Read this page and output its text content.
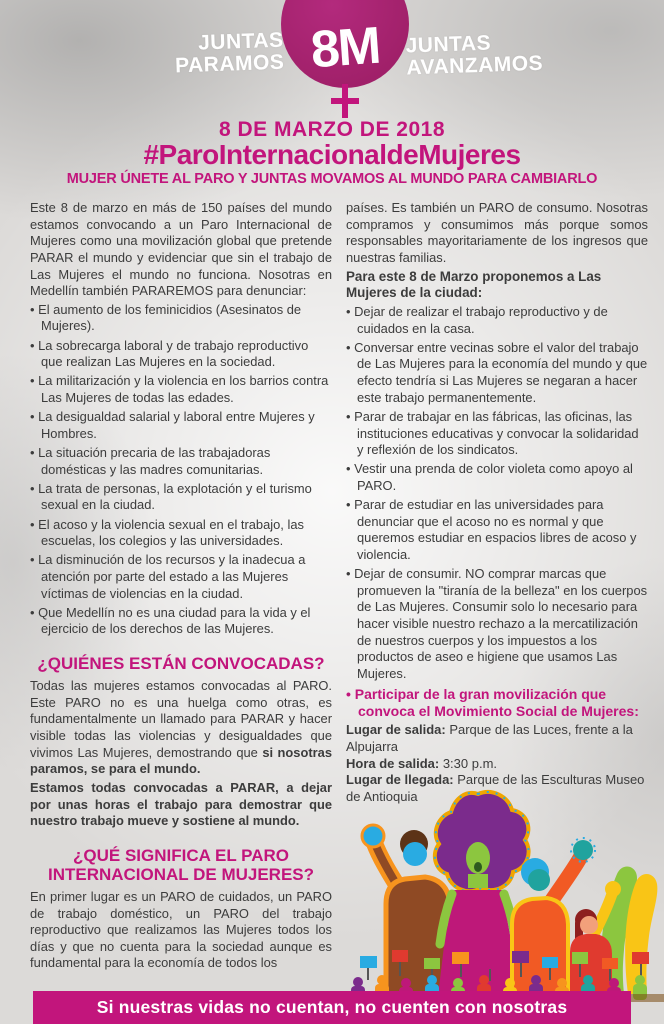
8M
JUNTAS
PARAMOS
JUNTAS
AVANZAMOS
8 DE MARZO DE 2018
#ParoInternacionaldeMujeres
MUJER ÚNETE AL PARO Y JUNTAS MOVAMOS AL MUNDO PARA CAMBIARLO

Este 8 de marzo en más de 150 países del mundo estamos convocando a un Paro Internacional de Mujeres como una movilización global que pretende PARAR el mundo y evidenciar que sin el trabajo de Las Mujeres el mundo no funciona. Nosotras en Medellín también PARAREMOS para denunciar:

• El aumento de los feminicidios (Asesinatos de Mujeres).
• La sobrecarga laboral y de trabajo reproductivo que realizan Las Mujeres en la sociedad.
• La militarización y la violencia en los barrios contra Las Mujeres de todas las edades.
• La desigualdad salarial y laboral entre Mujeres y Hombres.
• La situación precaria de las trabajadoras domésticas y las madres comunitarias.
• La trata de personas, la explotación y el turismo sexual en la ciudad.
• El acoso y la violencia sexual en el trabajo, las escuelas, los colegios y las universidades.
• La disminución de los recursos y la inadecua a atención por parte del estado a las Mujeres víctimas de violencias en la ciudad.
• Que Medellín no es una ciudad para la vida y el ejercicio de los derechos de las Mujeres.
¿QUIÉNES ESTÁN CONVOCADAS?

Todas las mujeres estamos convocadas al PARO. Este PARO no es una huelga como otras, es fundamentalmente un llamado para PARAR y hacer visible todas las violencias y desigualdades que vivimos Las Mujeres, demostrando que si nosotras paramos, se para el mundo.

Estamos todas convocadas a PARAR, a dejar por unas horas el trabajo para demostrar que nuestro trabajo mueve y sostiene al mundo.

¿QUÉ SIGNIFICA EL PARO INTERNACIONAL DE MUJERES?

En primer lugar es un PARO de cuidados, un PARO de trabajo doméstico, un PARO del trabajo reproductivo que realizamos las Mujeres todos los días y que no cuenta para la sociedad aunque es fundamental para la economía de todos los

países. Es también un PARO de consumo. Nosotras compramos y consumimos más porque somos responsables mayoritariamente de los ingresos que nuestras familias.

Para este 8 de Marzo proponemos a Las Mujeres de la ciudad:

• Dejar de realizar el trabajo reproductivo y de cuidados en la casa.
• Conversar entre vecinas sobre el valor del trabajo de Las Mujeres para la economía del mundo y que efecto tendría si Las Mujeres se negaran a hacer este trabajo permanentemente.
• Parar de trabajar en las fábricas, las oficinas, las instituciones educativas y convocar la solidaridad y reflexión de los sindicatos.
• Vestir una prenda de color violeta como apoyo al PARO.
• Parar de estudiar en las universidades para denunciar que el acoso no es normal y que queremos estudiar en espacios libres de acoso y violencia.
• Dejar de consumir. NO comprar marcas que promueven la "tiranía de la belleza" en los cuerpos de Las Mujeres. Consumir solo lo necesario para hacer visible nuestro rechazo a la mercatilización de nuestros cuerpos y los impuestos a los productos de aseo e higiene que usamos Las Mujeres.
• Participar de la gran movilización que convoca el Movimiento Social de Mujeres:
Lugar de salida: Parque de las Luces, frente a la Alpujarra
Hora de salida: 3:30 p.m.
Lugar de llegada: Parque de las Esculturas Museo de Antioquia
Si nuestras vidas no cuentan, no cuenten con nosotras
